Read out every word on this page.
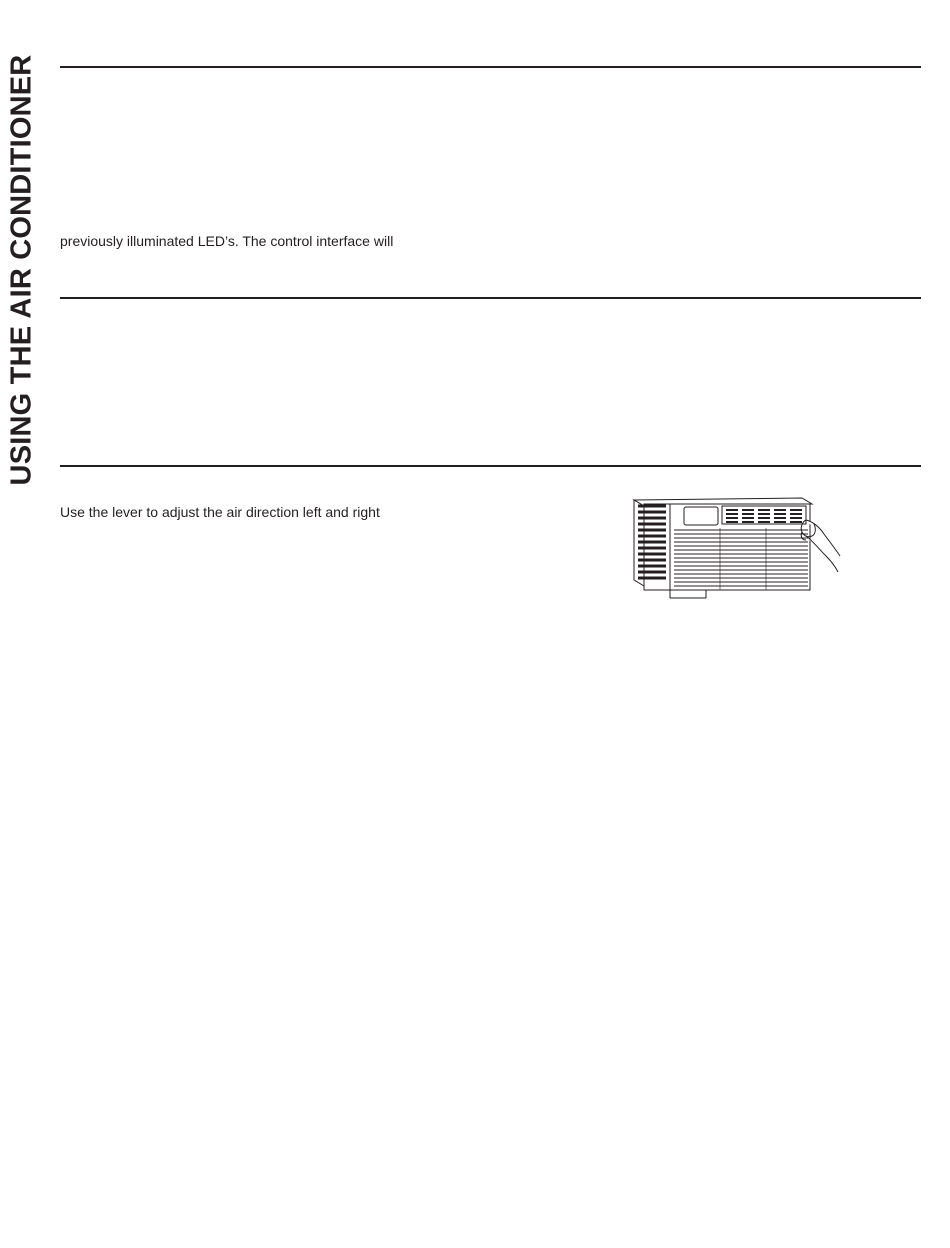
USING THE AIR CONDITIONER previously illuminated LED’s. The control interface will
Use the lever to adjust the air direction left and right
